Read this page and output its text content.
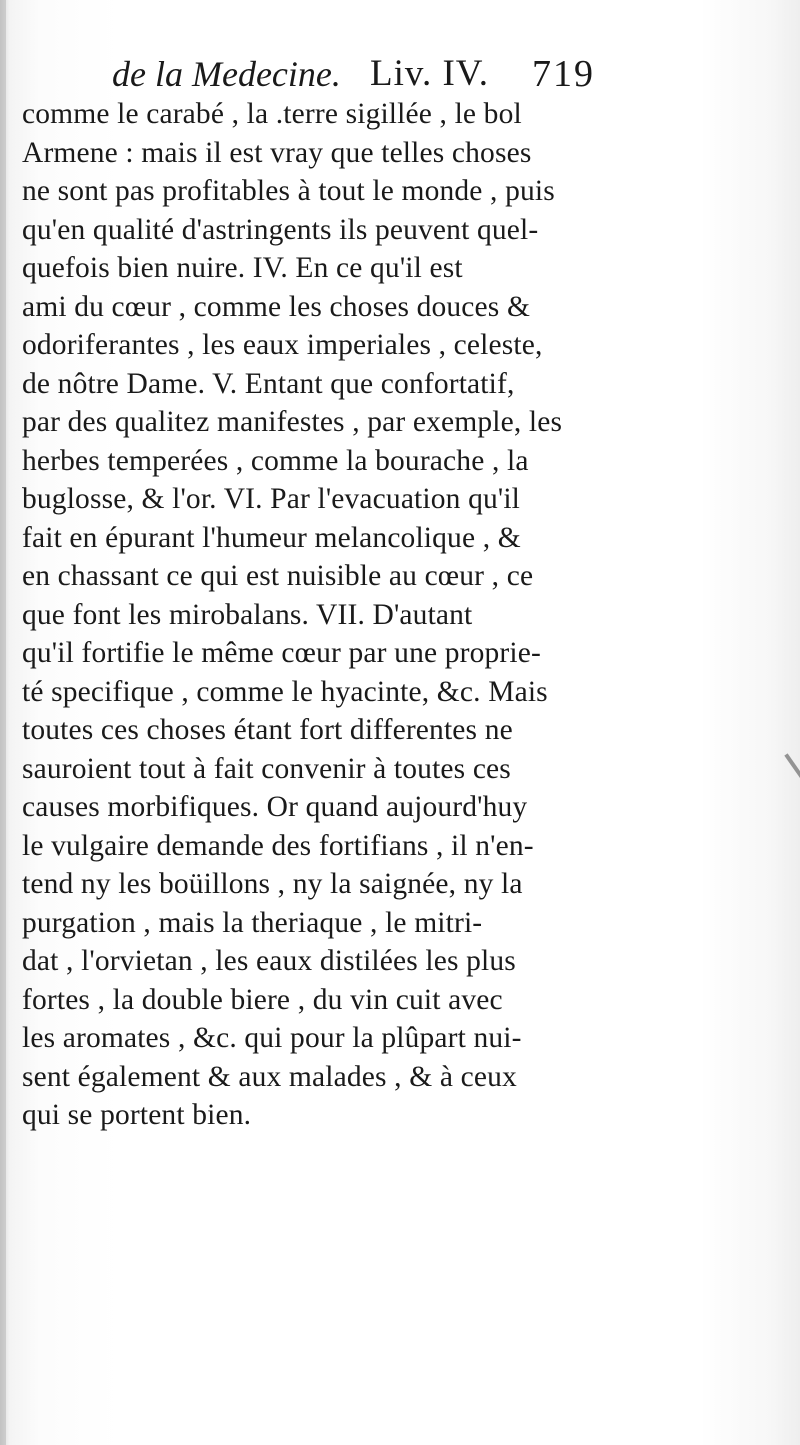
de la Medecine. Liv. IV. 719
comme le carabé , la .terre sigillée , le bol
Armene : mais il est vray que telles choses
ne sont pas profitables à tout le monde , puis
qu'en qualité d'astringents ils peuvent quel-
quefois bien nuire. IV. En ce qu'il est
ami du cœur , comme les choses douces &
odoriferantes , les eaux imperiales , celeste,
de nôtre Dame. V. Entant que confortatif,
par des qualitez manifestes , par exemple, les
herbes temperées , comme la bourache , la
buglosse, & l'or. VI. Par l'evacuation qu'il
fait en épurant l'humeur melancolique , &
en chassant ce qui est nuisible au cœur , ce
que font les mirobalans. VII. D'autant
qu'il fortifie le même cœur par une proprie-
té specifique , comme le hyacinte, &c. Mais
toutes ces choses étant fort differentes ne
sauroient tout à fait convenir à toutes ces
causes morbifiques. Or quand aujourd'huy
le vulgaire demande des fortifians , il n'en-
tend ny les boüillons , ny la saignée, ny la
purgation , mais la theriaque , le mitri-
dat , l'orvietan , les eaux distilées les plus
fortes , la double biere , du vin cuit avec
les aromates , &c. qui pour la plûpart nui-
sent également & aux malades , & à ceux
qui se portent bien.
